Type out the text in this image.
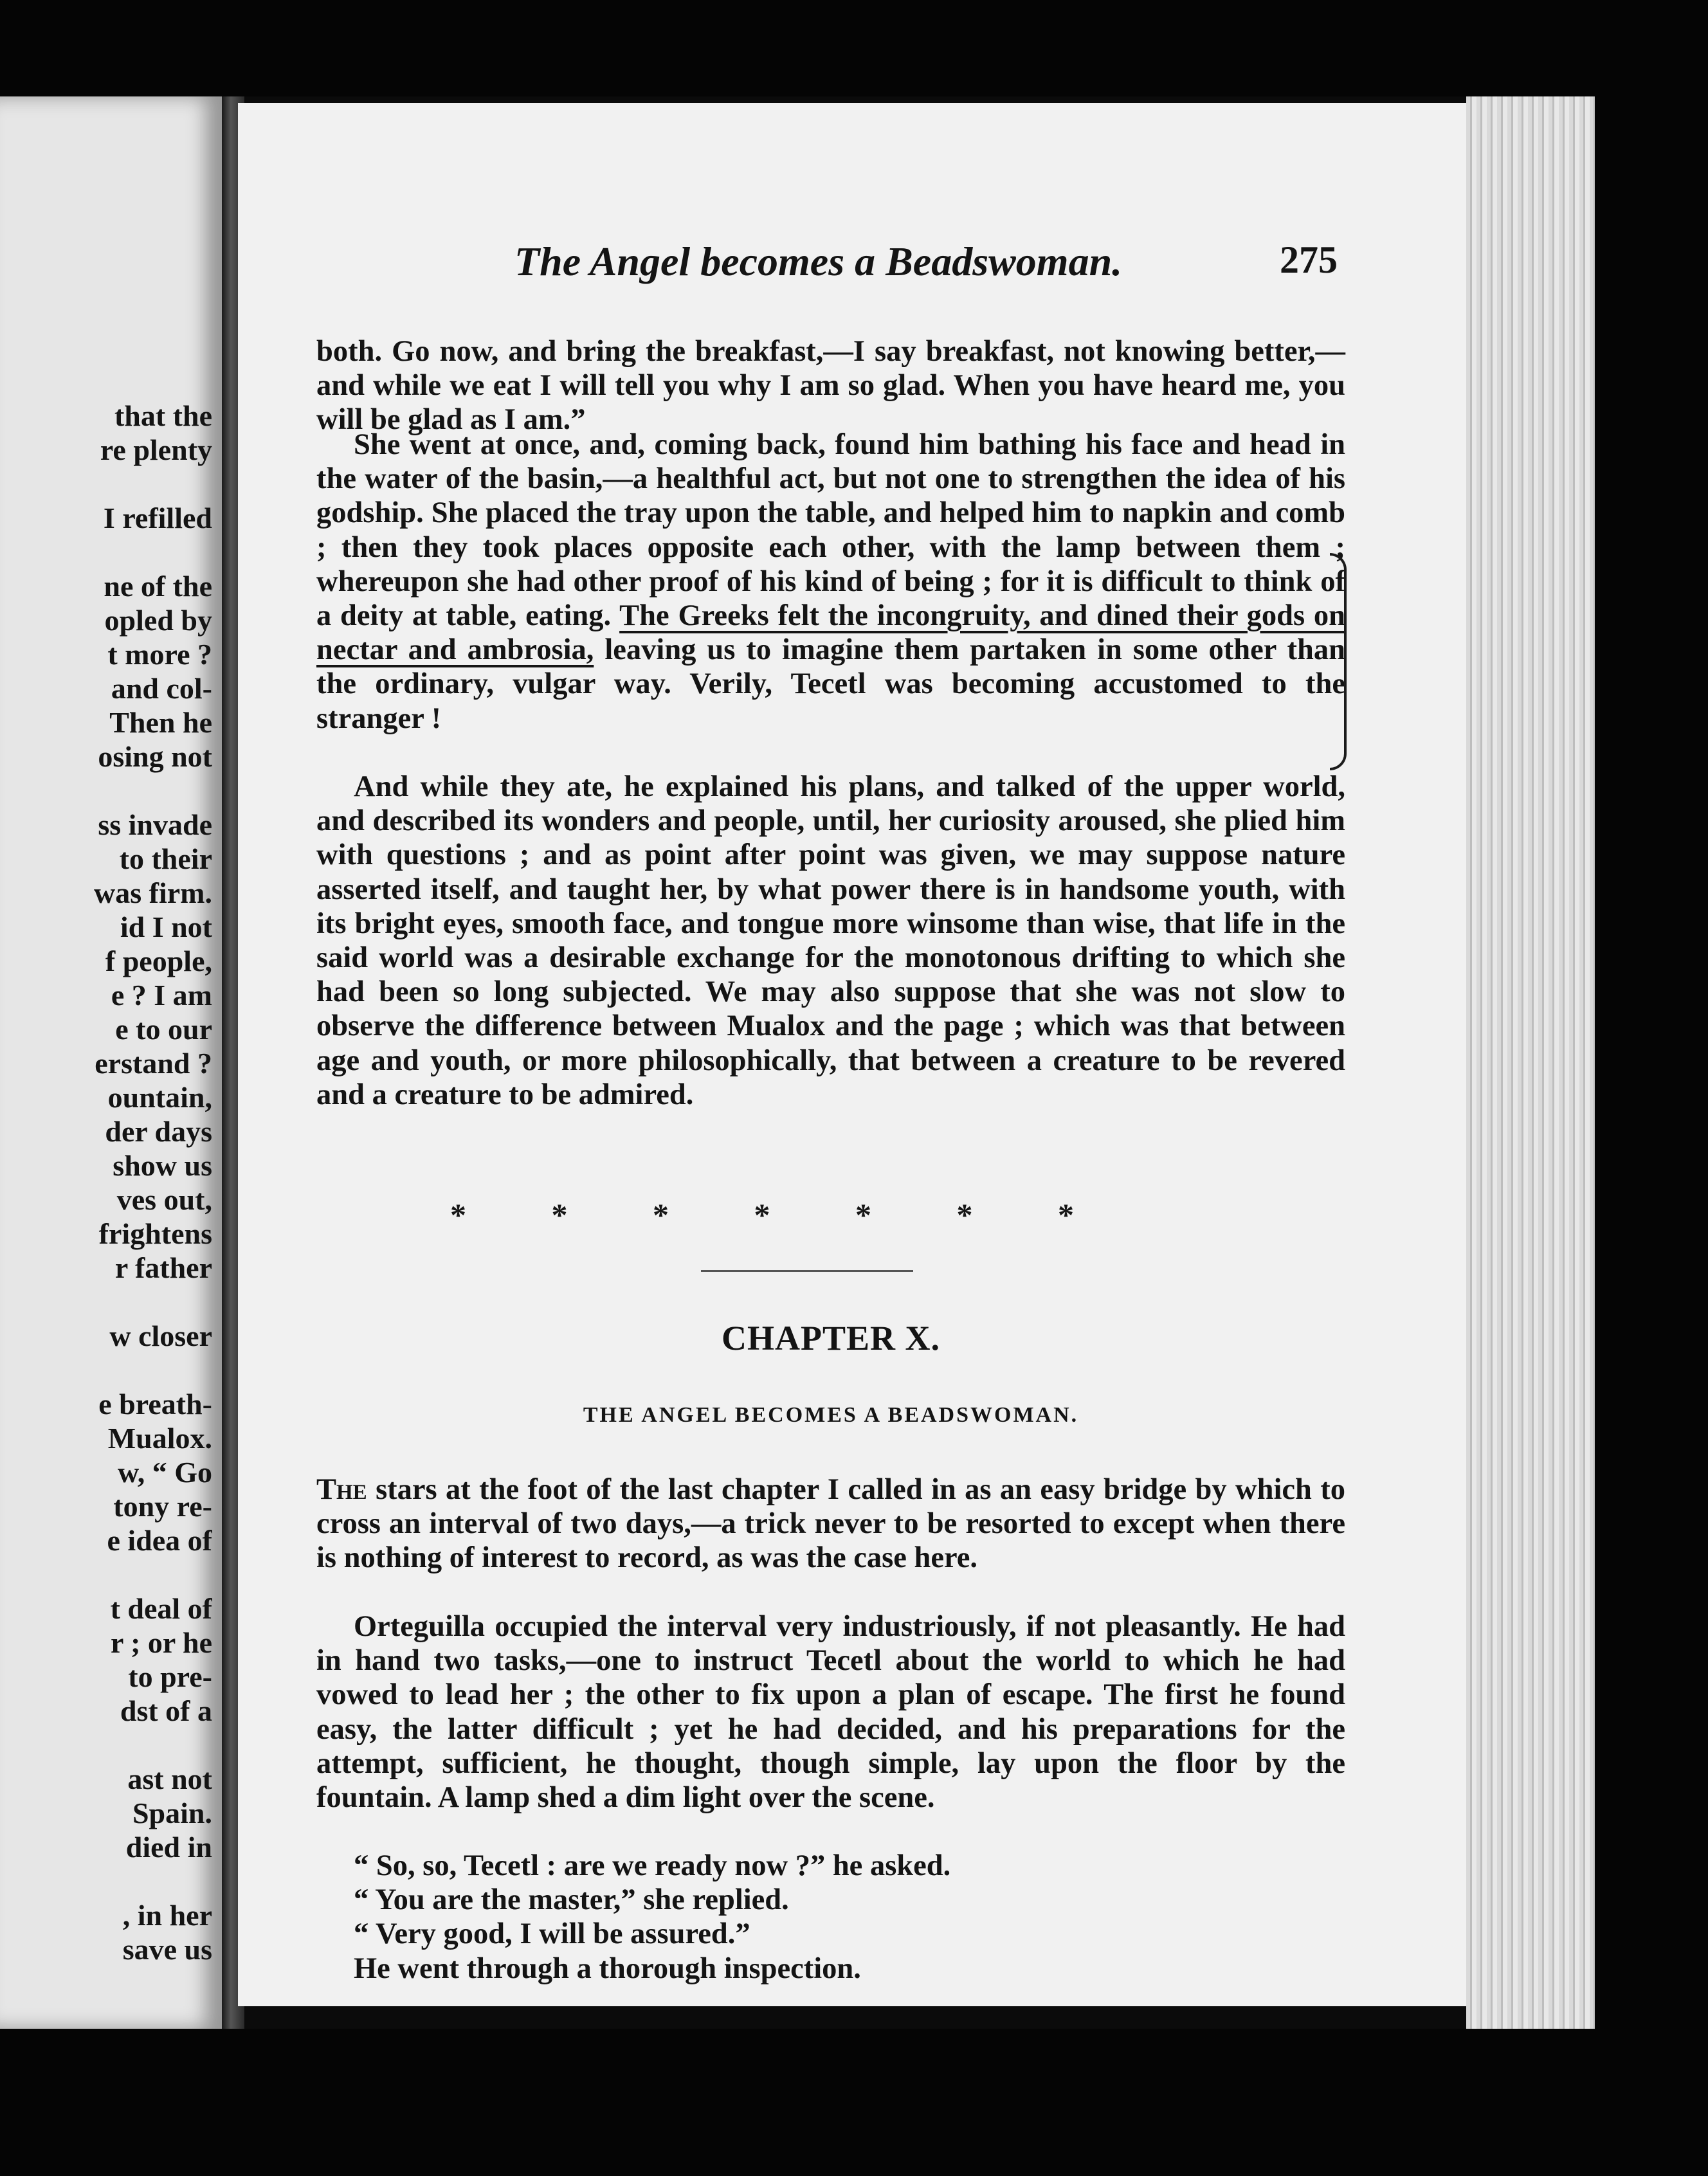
that the
re plenty
I refilled
ne of the
opled by
t more ?
and col-
Then he
osing not
ss invade
to their
was firm.
id I not
f people,
e ? I am
e to our
erstand ?
ountain,
der days
show us
ves out,
frightens
r father
w closer
e breath-
Mualox.
w, “ Go
tony re-
e idea of
t deal of
r ; or he
to pre-
dst of a
ast not
Spain.
died in
, in her
save us
The Angel becomes a Beadswoman.	275

both. Go now, and bring the breakfast,—I say breakfast, not knowing better,—and while we eat I will tell you why I am so glad. When you have heard me, you will be glad as I am.”

She went at once, and, coming back, found him bathing his face and head in the water of the basin,—a healthful act, but not one to strengthen the idea of his godship. She placed the tray upon the table, and helped him to napkin and comb ; then they took places opposite each other, with the lamp between them ; whereupon she had other proof of his kind of being ; for it is difficult to think of a deity at table, eating. The Greeks felt the incongruity, and dined their gods on nectar and ambrosia, leaving us to imagine them partaken in some other than the ordinary, vulgar way. Verily, Tecetl was becoming accustomed to the stranger !

And while they ate, he explained his plans, and talked of the upper world, and described its wonders and people, until, her curiosity aroused, she plied him with questions ; and as point after point was given, we may suppose nature asserted itself, and taught her, by what power there is in handsome youth, with its bright eyes, smooth face, and tongue more winsome than wise, that life in the said world was a desirable exchange for the monotonous drifting to which she had been so long subjected. We may also suppose that she was not slow to observe the difference between Mualox and the page ; which was that between age and youth, or more philosophically, that between a creature to be revered and a creature to be admired.

* * * * * * *
CHAPTER X.
THE ANGEL BECOMES A BEADSWOMAN.

The stars at the foot of the last chapter I called in as an easy bridge by which to cross an interval of two days,—a trick never to be resorted to except when there is nothing of interest to record, as was the case here.

Orteguilla occupied the interval very industriously, if not pleasantly. He had in hand two tasks,—one to instruct Tecetl about the world to which he had vowed to lead her ; the other to fix upon a plan of escape. The first he found easy, the latter difficult ; yet he had decided, and his preparations for the attempt, sufficient, he thought, though simple, lay upon the floor by the fountain. A lamp shed a dim light over the scene.

“ So, so, Tecetl : are we ready now ?” he asked.
“ You are the master,” she replied.
“ Very good, I will be assured.”
He went through a thorough inspection.
